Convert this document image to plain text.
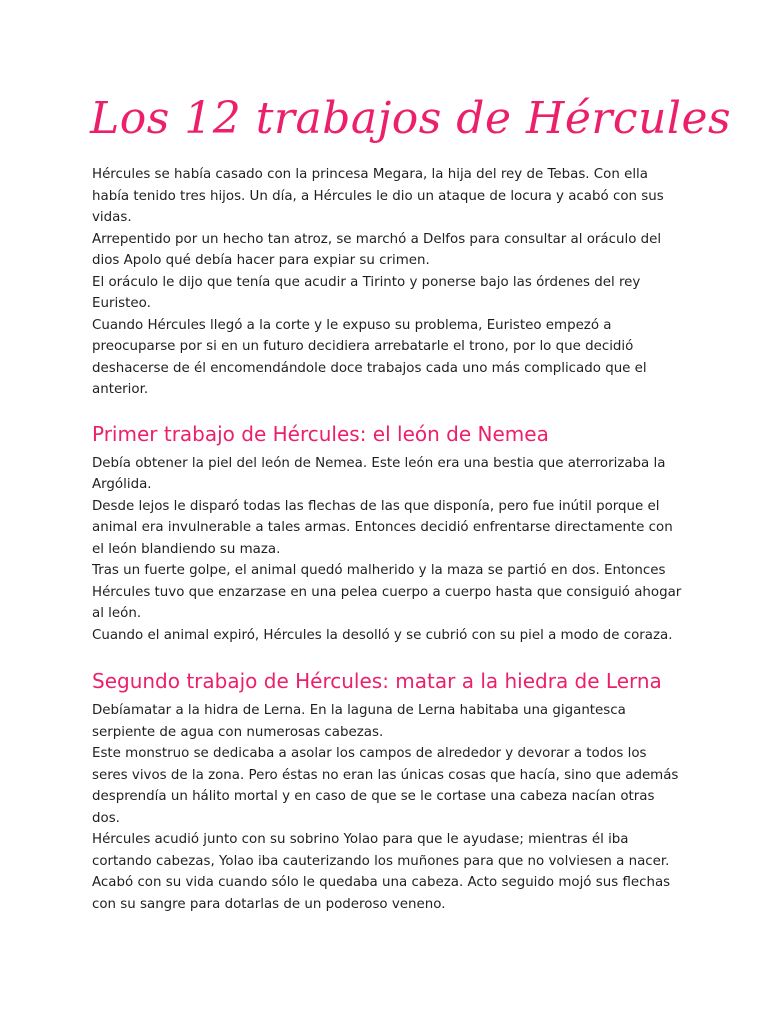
Los 12 trabajos de Hércules

Hércules se había casado con la princesa Megara, la hija del rey de Tebas. Con ella había tenido tres hijos. Un día, a Hércules le dio un ataque de locura y acabó con sus vidas.

Arrepentido por un hecho tan atroz, se marchó a Delfos para consultar al oráculo del dios Apolo qué debía hacer para expiar su crimen.

El oráculo le dijo que tenía que acudir a Tirinto y ponerse bajo las órdenes del rey Euristeo.

Cuando Hércules llegó a la corte y le expuso su problema, Euristeo empezó a preocuparse por si en un futuro decidiera arrebatarle el trono, por lo que decidió deshacerse de él encomendándole doce trabajos cada uno más complicado que el anterior.

Primer trabajo de Hércules: el león de Nemea

Debía obtener la piel del león de Nemea. Este león era una bestia que aterrorizaba la Argólida.

Desde lejos le disparó todas las flechas de las que disponía, pero fue inútil porque el animal era invulnerable a tales armas. Entonces decidió enfrentarse directamente con el león blandiendo su maza.

Tras un fuerte golpe, el animal quedó malherido y la maza se partió en dos. Entonces Hércules tuvo que enzarzase en una pelea cuerpo a cuerpo hasta que consiguió ahogar al león.

Cuando el animal expiró, Hércules la desolló y se cubrió con su piel a modo de coraza.

Segundo trabajo de Hércules: matar a la hiedra de Lerna

Debíamatar a la hidra de Lerna. En la laguna de Lerna habitaba una gigantesca serpiente de agua con numerosas cabezas.

Este monstruo se dedicaba a asolar los campos de alrededor y devorar a todos los seres vivos de la zona. Pero éstas no eran las únicas cosas que hacía, sino que además desprendía un hálito mortal y en caso de que se le cortase una cabeza nacían otras dos.

Hércules acudió junto con su sobrino Yolao para que le ayudase; mientras él iba cortando cabezas, Yolao iba cauterizando los muñones para que no volviesen a nacer.

Acabó con su vida cuando sólo le quedaba una cabeza. Acto seguido mojó sus flechas con su sangre para dotarlas de un poderoso veneno.
